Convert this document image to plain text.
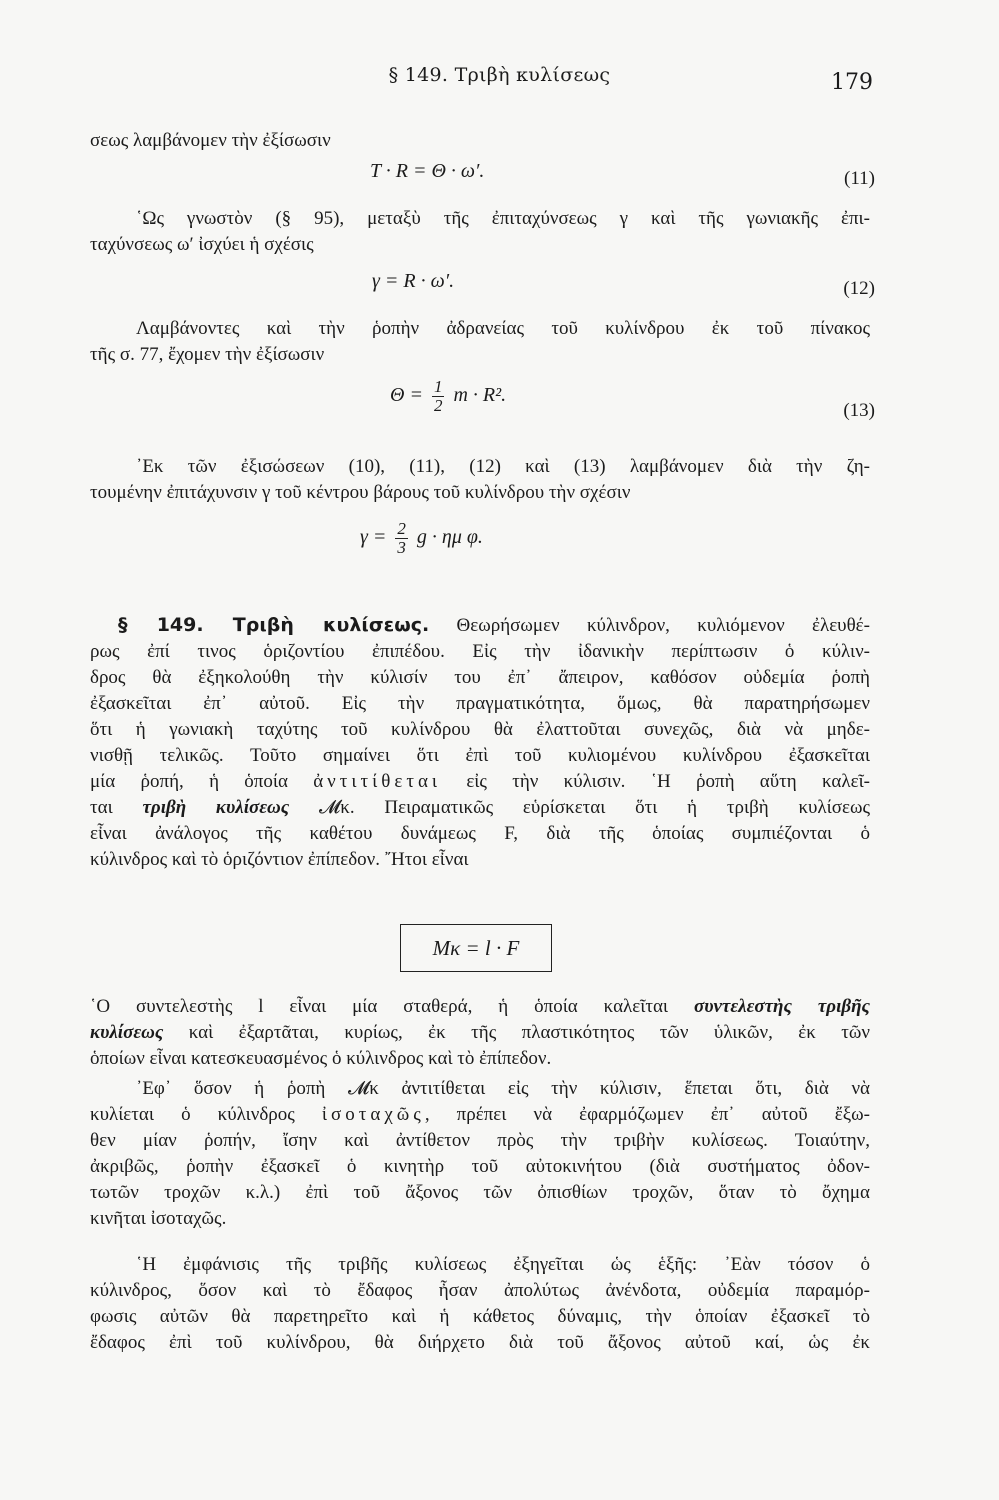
§ 149. Τριβὴ κυλίσεως	179
σεως λαμβάνομεν τὴν ἐξίσωσιν
T · R = Θ · ω′.	(11)
῾Ως γνωστὸν (§ 95), μεταξὺ τῆς ἐπιταχύνσεως γ καὶ τῆς γωνιακῆς ἐπι-
ταχύνσεως ω′ ἰσχύει ἡ σχέσις
γ = R · ω′.	(12)
Λαμβάνοντες καὶ τὴν ῥοπὴν ἀδρανείας τοῦ κυλίνδρου ἐκ τοῦ πίνακος
τῆς σ. 77, ἔχομεν τὴν ἐξίσωσιν
$\Theta = \frac{1}{2}$ m · R².
(13)
᾿Εκ τῶν ἐξισώσεων (10), (11), (12) καὶ (13) λαμβάνομεν διὰ τὴν ζη-
τουμένην ἐπιτάχυνσιν γ τοῦ κέντρου βάρους τοῦ κυλίνδρου τὴν σχέσιν
$\gamma = \frac{2}{3}$ g · ημ φ.
§ 149. Τριβὴ κυλίσεως. Θεωρήσωμεν κύλινδρον, κυλιόμενον ἐλευθέ-
ρως ἐπί τινος ὁριζοντίου ἐπιπέδου. Εἰς τὴν ἰδανικὴν περίπτωσιν ὁ κύλιν-
δρος θὰ ἐξηκολούθη τὴν κύλισίν του ἐπ᾿ ἄπειρον, καθόσον οὐδεμία ῥοπὴ
ἐξασκεῖται ἐπ᾿ αὐτοῦ. Εἰς τὴν πραγματικότητα, ὅμως, θὰ παρατηρήσωμεν
ὅτι ἡ γωνιακὴ ταχύτης τοῦ κυλίνδρου θὰ ἐλαττοῦται συνεχῶς, διὰ νὰ μηδε-
νισθῇ τελικῶς. Τοῦτο σημαίνει ὅτι ἐπὶ τοῦ κυλιομένου κυλίνδρου ἐξασκεῖται
μία ῥοπή, ἡ ὁποία ἀντιτίθεται εἰς τὴν κύλισιν. ῾Η ῥοπὴ αὕτη καλεῖ-
ται τριβὴ κυλίσεως 𝓜κ. Πειραματικῶς εὑρίσκεται ὅτι ἡ τριβὴ κυλίσεως
εἶναι ἀνάλογος τῆς καθέτου δυνάμεως F, διὰ τῆς ὁποίας συμπιέζονται ὁ
κύλινδρος καὶ τὸ ὁριζόντιον ἐπίπεδον. ῎Ητοι εἶναι
Mκ = l · F
῾Ο συντελεστὴς l εἶναι μία σταθερά, ἡ ὁποία καλεῖται συντελεστὴς τριβῆς
κυλίσεως καὶ ἐξαρτᾶται, κυρίως, ἐκ τῆς πλαστικότητος τῶν ὑλικῶν, ἐκ τῶν
ὁποίων εἶναι κατεσκευασμένος ὁ κύλινδρος καὶ τὸ ἐπίπεδον.
᾿Εφ᾿ ὅσον ἡ ῥοπὴ 𝓜κ ἀντιτίθεται εἰς τὴν κύλισιν, ἕπεται ὅτι, διὰ νὰ
κυλίεται ὁ κύλινδρος ἰσοταχῶς, πρέπει νὰ ἐφαρμόζωμεν ἐπ᾿ αὐτοῦ ἔξω-
θεν μίαν ῥοπήν, ἴσην καὶ ἀντίθετον πρὸς τὴν τριβὴν κυλίσεως. Τοιαύτην,
ἀκριβῶς, ῥοπὴν ἐξασκεῖ ὁ κινητὴρ τοῦ αὐτοκινήτου (διὰ συστήματος ὀδον-
τωτῶν τροχῶν κ.λ.) ἐπὶ τοῦ ἄξονος τῶν ὀπισθίων τροχῶν, ὅταν τὸ ὄχημα
κινῆται ἰσοταχῶς.
῾Η ἐμφάνισις τῆς τριβῆς κυλίσεως ἐξηγεῖται ὡς ἑξῆς: ᾿Εὰν τόσον ὁ
κύλινδρος, ὅσον καὶ τὸ ἔδαφος ἦσαν ἀπολύτως ἀνένδοτα, οὐδεμία παραμόρ-
φωσις αὐτῶν θὰ παρετηρεῖτο καὶ ἡ κάθετος δύναμις, τὴν ὁποίαν ἐξασκεῖ τὸ
ἔδαφος ἐπὶ τοῦ κυλίνδρου, θὰ διήρχετο διὰ τοῦ ἄξονος αὐτοῦ καί, ὡς ἐκ
